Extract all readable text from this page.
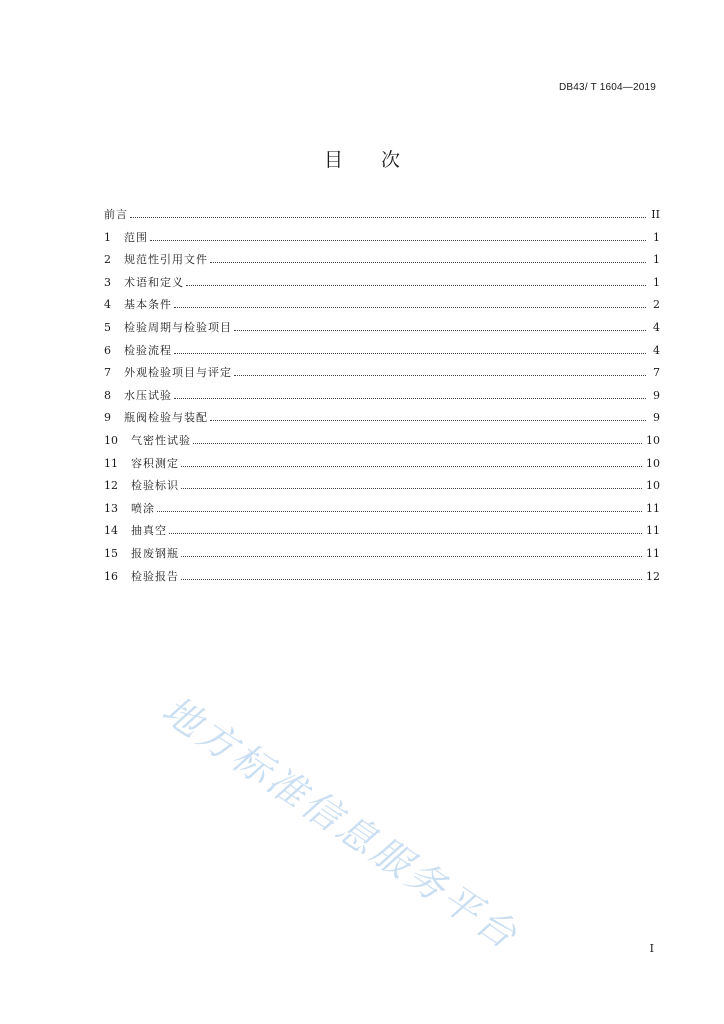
DB43/ T 1604—2019
目 次
前言	II
1	范围	1
2	规范性引用文件	1
3	术语和定义	1
4	基本条件	2
5	检验周期与检验项目	4
6	检验流程	4
7	外观检验项目与评定	7
8	水压试验	9
9	瓶阀检验与装配	9
10	气密性试验	10
11	容积测定	10
12	检验标识	10
13	喷涂	11
14	抽真空	11
15	报废钢瓶	11
16	检验报告	12
地方标准信息服务平台	I
